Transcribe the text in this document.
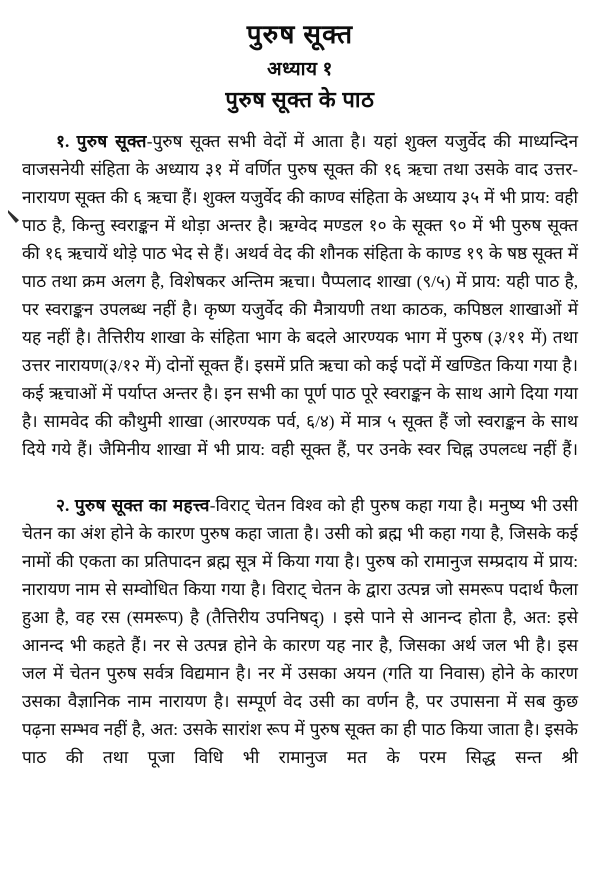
पुरुष सूक्त
अध्याय १
पुरुष सूक्त के पाठ

१. पुरुष सूक्त-पुरुष सूक्त सभी वेदों में आता है। यहां शुक्ल यजुर्वेद की माध्यन्दिन वाजसनेयी संहिता के अध्याय ३१ में वर्णित पुरुष सूक्त की १६ ऋचा तथा उसके वाद उत्तर-नारायण सूक्त की ६ ऋचा हैं। शुक्ल यजुर्वेद की काण्व संहिता के अध्याय ३५ में भी प्राय: वही पाठ है, किन्तु स्वराङ्कन में थोड़ा अन्तर है। ऋग्वेद मण्डल १० के सूक्त ९० में भी पुरुष सूक्त की १६ ऋचायें थोड़े पाठ भेद से हैं। अथर्व वेद की शौनक संहिता के काण्ड १९ के षष्ठ सूक्त में पाठ तथा क्रम अलग है, विशेषकर अन्तिम ऋचा। पैप्पलाद शाखा (९/५) में प्राय: यही पाठ है, पर स्वराङ्कन उपलब्ध नहीं है। कृष्ण यजुर्वेद की मैत्रायणी तथा काठक, कपिष्ठल शाखाओं में यह नहीं है। तैत्तिरीय शाखा के संहिता भाग के बदले आरण्यक भाग में पुरुष (३/११ में) तथा उत्तर नारायण(३/१२ में) दोनों सूक्त हैं। इसमें प्रति ऋचा को कई पदों में खण्डित किया गया है। कई ऋचाओं में पर्याप्त अन्तर है। इन सभी का पूर्ण पाठ पूरे स्वराङ्कन के साथ आगे दिया गया है। सामवेद की कौथुमी शाखा (आरण्यक पर्व, ६/४) में मात्र ५ सूक्त हैं जो स्वराङ्कन के साथ दिये गये हैं। जैमिनीय शाखा में भी प्राय: वही सूक्त हैं, पर उनके स्वर चिह्न उपलव्ध नहीं हैं।

२. पुरुष सूक्त का महत्त्व-विराट् चेतन विश्व को ही पुरुष कहा गया है। मनुष्य भी उसी चेतन का अंश होने के कारण पुरुष कहा जाता है। उसी को ब्रह्म भी कहा गया है, जिसके कई नामों की एकता का प्रतिपादन ब्रह्म सूत्र में किया गया है। पुरुष को रामानुज सम्प्रदाय में प्राय: नारायण नाम से सम्वोधित किया गया है। विराट् चेतन के द्वारा उत्पन्न जो समरूप पदार्थ फैला हुआ है, वह रस (समरूप) है (तैत्तिरीय उपनिषद्) । इसे पाने से आनन्द होता है, अत: इसे आनन्द भी कहते हैं। नर से उत्पन्न होने के कारण यह नार है, जिसका अर्थ जल भी है। इस जल में चेतन पुरुष सर्वत्र विद्यमान है। नर में उसका अयन (गति या निवास) होने के कारण उसका वैज्ञानिक नाम नारायण है। सम्पूर्ण वेद उसी का वर्णन है, पर उपासना में सब कुछ पढ़ना सम्भव नहीं है, अत: उसके सारांश रूप में पुरुष सूक्त का ही पाठ किया जाता है। इसके पाठ की तथा पूजा विधि भी रामानुज मत के परम सिद्ध सन्त श्री
